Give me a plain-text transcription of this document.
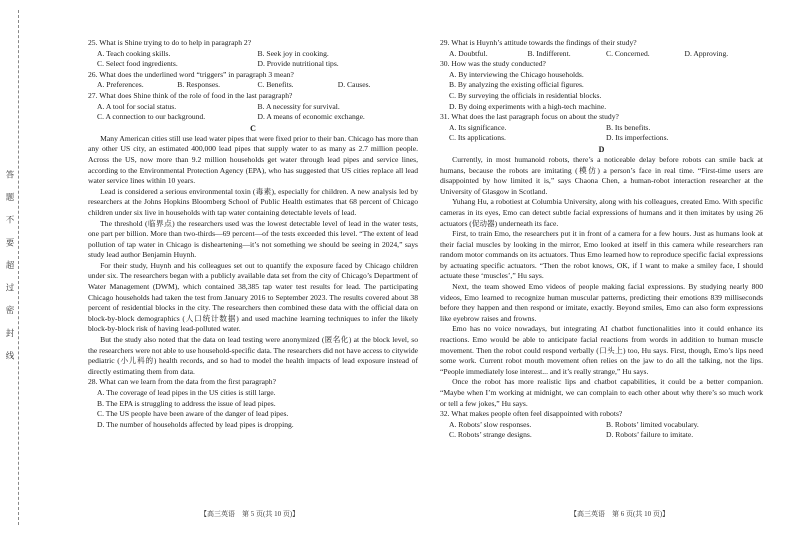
答 题 不 要 超 过 密 封 线

25. What is Shine trying to do to help in paragraph 2?

A. Teach cooking skills.	B. Seek joy in cooking.
C. Select food ingredients.	D. Provide nutritional tips.

26. What does the underlined word “triggers” in paragraph 3 mean?

A. Preferences.	B. Responses.	C. Benefits.	D. Causes.

27. What does Shine think of the role of food in the last paragraph?

A. A tool for social status.	B. A necessity for survival.
C. A connection to our background.	D. A means of economic exchange.

C

Many American cities still use lead water pipes that were fixed prior to their ban. Chicago has more than any other US city, an estimated 400,000 lead pipes that supply water to as many as 2.7 million people. Across the US, now more than 9.2 million households get water through lead pipes and service lines, according to the Environmental Protection Agency (EPA), who has suggested that US cities replace all lead water service lines within 10 years.

Lead is considered a serious environmental toxin (毒素), especially for children. A new analysis led by researchers at the Johns Hopkins Bloomberg School of Public Health estimates that 68 percent of Chicago children under six live in households with tap water containing detectable levels of lead.

The threshold (临界点) the researchers used was the lowest detectable level of lead in the water tests, one part per billion. More than two-thirds—69 percent—of the tests exceeded this level. “The extent of lead pollution of tap water in Chicago is disheartening—it’s not something we should be seeing in 2024,” says study lead author Benjamin Huynh.

For their study, Huynh and his colleagues set out to quantify the exposure faced by Chicago children under six. The researchers began with a publicly available data set from the city of Chicago’s Department of Water Management (DWM), which contained 38,385 tap water test results for lead. The participating Chicago households had taken the test from January 2016 to September 2023. The results covered about 38 percent of residential blocks in the city. The researchers then combined these data with the official data on block-by-block demographics (人口统计数据) and used machine learning techniques to infer the likely block-by-block risk of having lead-polluted water.

But the study also noted that the data on lead testing were anonymized (匿名化) at the block level, so the researchers were not able to use household-specific data. The researchers did not have access to citywide pediatric (小儿科的) health records, and so had to model the health impacts of lead exposure instead of directly estimating them from data.

28. What can we learn from the data from the first paragraph?

A. The coverage of lead pipes in the US cities is still large.
B. The EPA is struggling to address the issue of lead pipes.
C. The US people have been aware of the danger of lead pipes.
D. The number of households affected by lead pipes is dropping.

29. What is Huynh’s attitude towards the findings of their study?

A. Doubtful.	B. Indifferent.	C. Concerned.	D. Approving.

30. How was the study conducted?

A. By interviewing the Chicago households.
B. By analyzing the existing official figures.
C. By surveying the officials in residential blocks.
D. By doing experiments with a high-tech machine.

31. What does the last paragraph focus on about the study?

A. Its significance.	B. Its benefits.
C. Its applications.	D. Its imperfections.

D

Currently, in most humanoid robots, there’s a noticeable delay before robots can smile back at humans, because the robots are imitating (模仿) a person’s face in real time. “First-time users are disappointed by how limited it is,” says Chaona Chen, a human-robot interaction researcher at the University of Glasgow in Scotland.

Yuhang Hu, a robotiest at Columbia University, along with his colleagues, created Emo. With specific cameras in its eyes, Emo can detect subtle facial expressions of humans and it then imitates by using 26 actuators (促动器) underneath its face.

First, to train Emo, the researchers put it in front of a camera for a few hours. Just as humans look at their facial muscles by looking in the mirror, Emo looked at itself in this camera while researchers ran random motor commands on its actuators. Thus Emo learned how to reproduce specific facial expressions by actuating specific actuators. “Then the robot knows, OK, if I want to make a smiley face, I should actuate these ‘muscles’,” Hu says.

Next, the team showed Emo videos of people making facial expressions. By studying nearly 800 videos, Emo learned to recognize human muscular patterns, predicting their emotions 839 milliseconds before they happen and then respond or imitate, exactly. Beyond smiles, Emo can also form expressions like eyebrow raises and frowns.

Emo has no voice nowadays, but integrating AI chatbot functionalities into it could enhance its reactions. Emo would be able to anticipate facial reactions from words in addition to human muscle movement. Then the robot could respond verbally (口头上) too, Hu says. First, though, Emo’s lips need some work. Current robot mouth movement often relies on the jaw to do all the talking, not the lips. “People immediately lose interest... and it’s really strange,” Hu says.

Once the robot has more realistic lips and chatbot capabilities, it could be a better companion. “Maybe when I’m working at midnight, we can complain to each other about why there’s so much work or tell a few jokes,” Hu says.

32. What makes people often feel disappointed with robots?

A. Robots’ slow responses.	B. Robots’ limited vocabulary.
C. Robots’ strange designs.	D. Robots’ failure to imitate.
【高三英语　第 5 页(共 10 页)】	【高三英语　第 6 页(共 10 页)】
